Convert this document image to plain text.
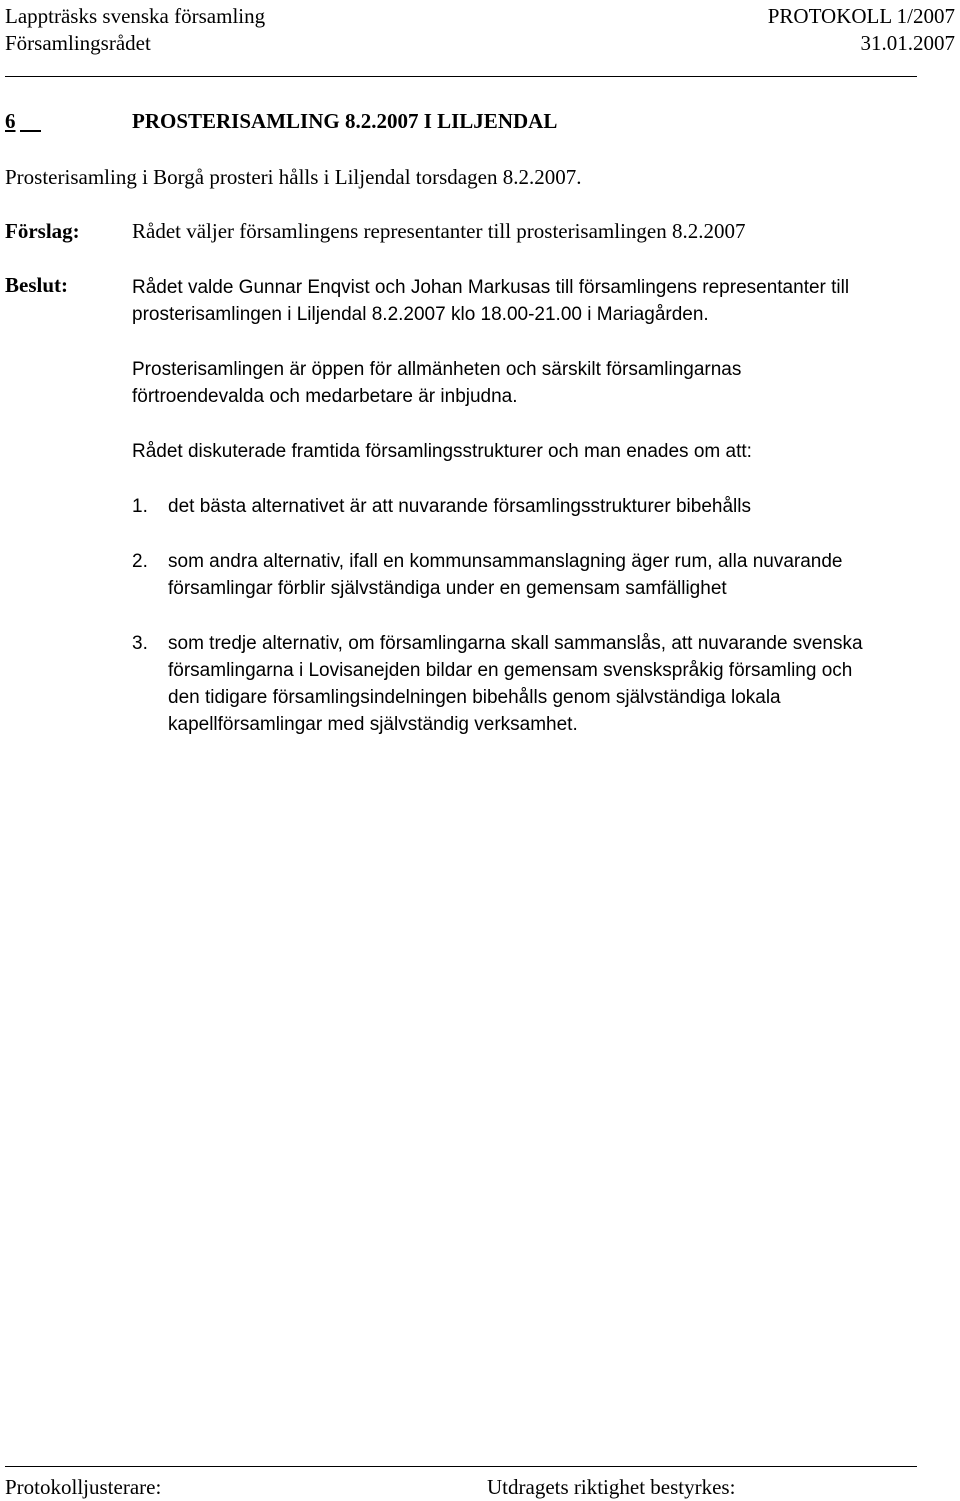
Lappträsks svenska församling	PROTOKOLL 1/2007
Församlingsrådet	31.01.2007
6
	PROSTERISAMLING 8.2.2007 I LILJENDAL
Prosterisamling i Borgå prosteri hålls i Liljendal torsdagen 8.2.2007.
Förslag: Rådet väljer församlingens representanter till prosterisamlingen 8.2.2007
Beslut:	Rådet valde Gunnar Enqvist och Johan Markusas till församlingens representanter till
prosterisamlingen i Liljendal 8.2.2007 klo 18.00-21.00 i Mariagården.
Prosterisamlingen är öppen för allmänheten och särskilt församlingarnas
förtroendevalda och medarbetare är inbjudna.
Rådet diskuterade framtida församlingsstrukturer och man enades om att:
1. det bästa alternativet är att nuvarande församlingsstrukturer bibehålls
2. som andra alternativ, ifall en kommunsammanslagning äger rum, alla nuvarande
församlingar förblir självständiga under en gemensam samfällighet
3. som tredje alternativ, om församlingarna skall sammanslås, att nuvarande svenska
församlingarna i Lovisanejden bildar en gemensam svenskspråkig församling och
den tidigare församlingsindelningen bibehålls genom självständiga lokala
kapellförsamlingar med självständig verksamhet.
Protokolljusterare:	Utdragets riktighet bestyrkes:
